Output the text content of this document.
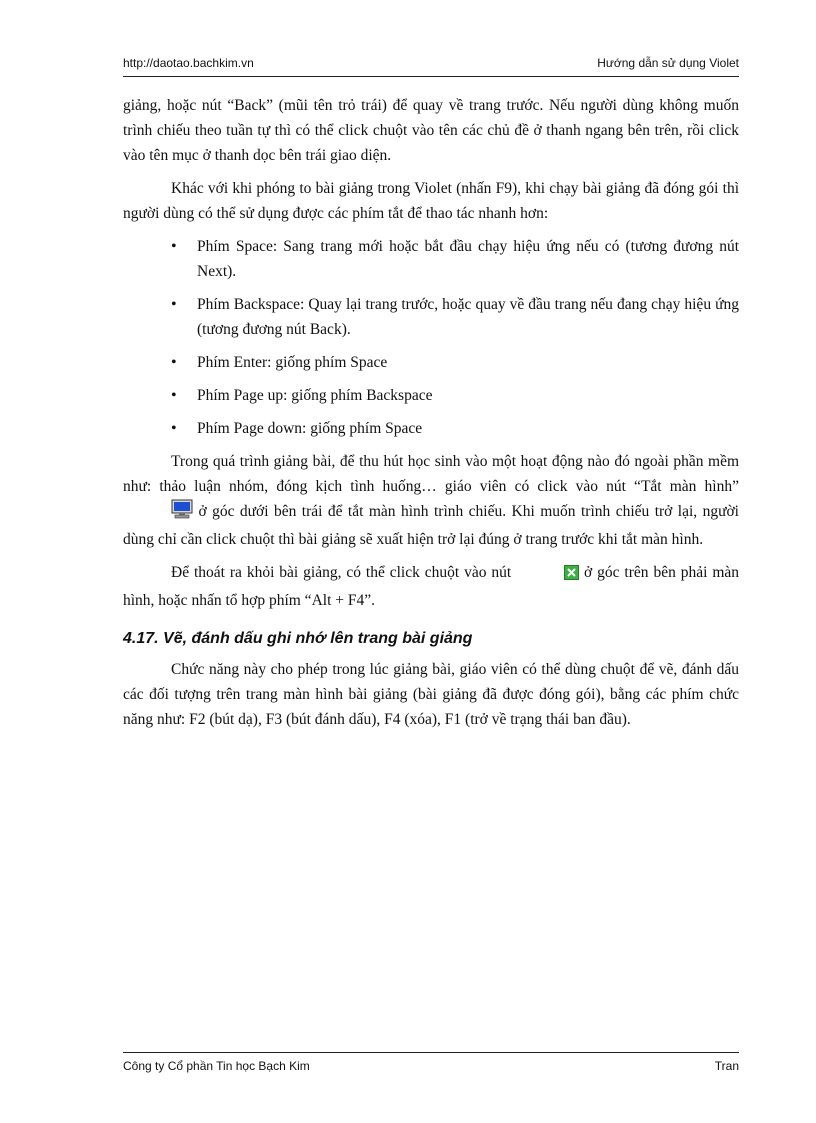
http://daotao.bachkim.vn	Hướng dẫn sử dụng Violet

giảng, hoặc nút “Back” (mũi tên trỏ trái) để quay về trang trước. Nếu người dùng không muốn trình chiếu theo tuần tự thì có thể click chuột vào tên các chủ đề ở thanh ngang bên trên, rồi click vào tên mục ở thanh dọc bên trái giao diện.

Khác với khi phóng to bài giảng trong Violet (nhấn F9), khi chạy bài giảng đã đóng gói thì người dùng có thể sử dụng được các phím tắt để thao tác nhanh hơn:

• Phím Space: Sang trang mới hoặc bắt đầu chạy hiệu ứng nếu có (tương đương nút Next).
• Phím Backspace: Quay lại trang trước, hoặc quay về đầu trang nếu đang chạy hiệu ứng (tương đương nút Back).
• Phím Enter: giống phím Space
• Phím Page up: giống phím Backspace
• Phím Page down: giống phím Space

Trong quá trình giảng bài, để thu hút học sinh vào một hoạt động nào đó ngoài phần mềm như: thảo luận nhóm, đóng kịch tình huống… giáo viên có click vào nút “Tắt màn hình”  ở góc dưới bên trái để tắt màn hình trình chiếu. Khi muốn trình chiếu trở lại, người dùng chỉ cần click chuột thì bài giảng sẽ xuất hiện trở lại đúng ở trang trước khi tắt màn hình.

Để thoát ra khỏi bài giảng, có thể click chuột vào nút	ở góc trên bên phải màn hình, hoặc nhấn tổ hợp phím “Alt + F4”.

4.17. Vẽ, đánh dấu ghi nhớ lên trang bài giảng

Chức năng này cho phép trong lúc giảng bài, giáo viên có thể dùng chuột để vẽ, đánh dấu các đối tượng trên trang màn hình bài giảng (bài giảng đã được đóng gói), bằng các phím chức năng như: F2 (bút dạ), F3 (bút đánh dấu), F4 (xóa), F1 (trở về trạng thái ban đầu).

Công ty Cổ phần Tin học Bạch Kim	Tran
